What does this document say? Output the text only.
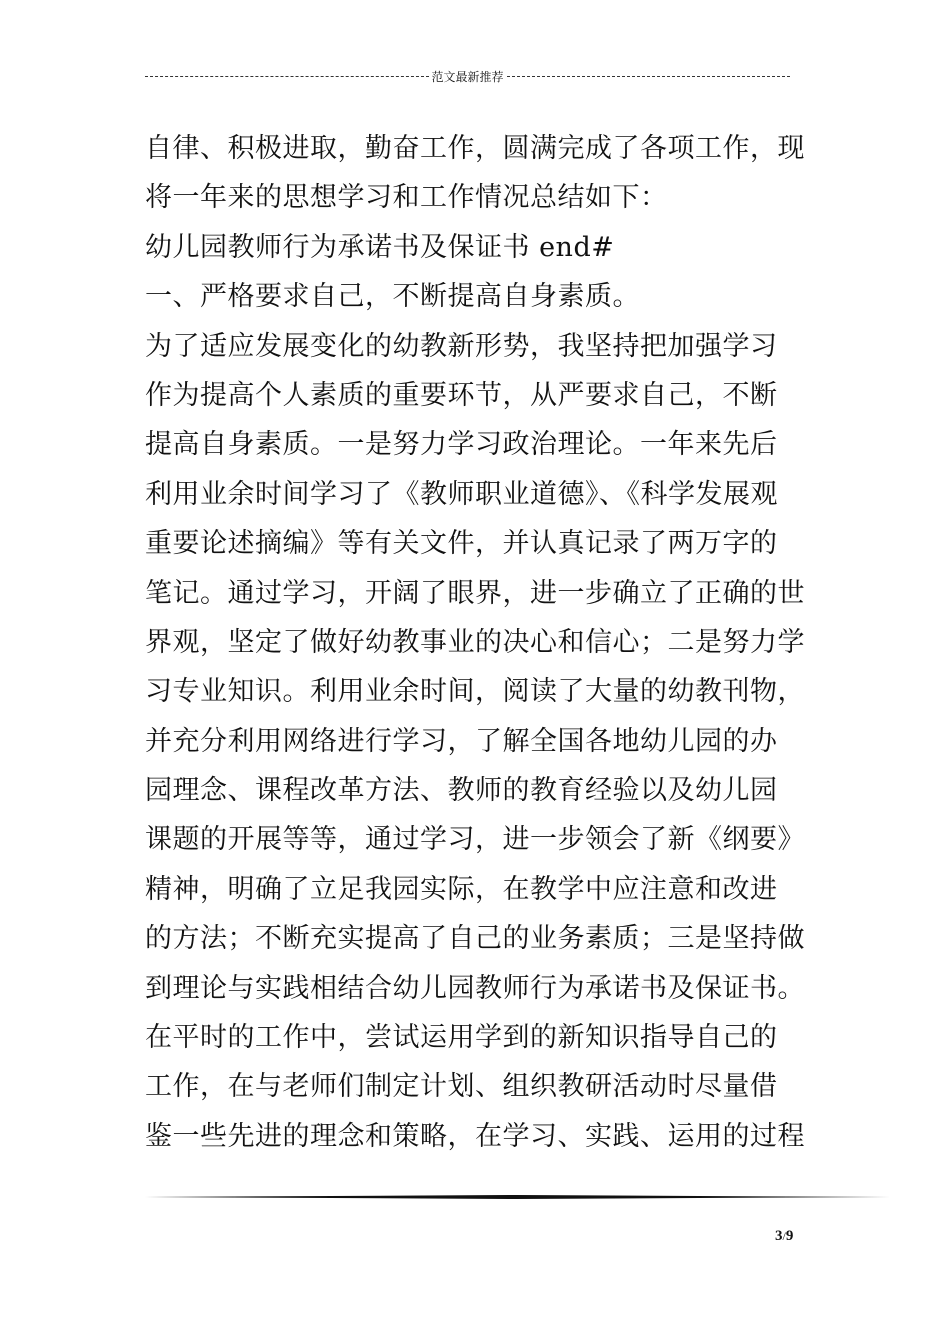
范文最新推荐
自律、积极进取，勤奋工作，圆满完成了各项工作，现
将一年来的思想学习和工作情况总结如下：
幼儿园教师行为承诺书及保证书 end#
一、严格要求自己，不断提高自身素质。
为了适应发展变化的幼教新形势，我坚持把加强学习
作为提高个人素质的重要环节，从严要求自己，不断
提高自身素质。一是努力学习政治理论。一年来先后
利用业余时间学习了《教师职业道德》、《科学发展观
重要论述摘编》等有关文件，并认真记录了两万字的
笔记。通过学习，开阔了眼界，进一步确立了正确的世
界观，坚定了做好幼教事业的决心和信心；二是努力学
习专业知识。利用业余时间，阅读了大量的幼教刊物，
并充分利用网络进行学习，了解全国各地幼儿园的办
园理念、课程改革方法、教师的教育经验以及幼儿园
课题的开展等等，通过学习，进一步领会了新《纲要》
精神，明确了立足我园实际，在教学中应注意和改进
的方法；不断充实提高了自己的业务素质；三是坚持做
到理论与实践相结合幼儿园教师行为承诺书及保证书。
在平时的工作中，尝试运用学到的新知识指导自己的
工作，在与老师们制定计划、组织教研活动时尽量借
鉴一些先进的理念和策略，在学习、实践、运用的过程
3/9
